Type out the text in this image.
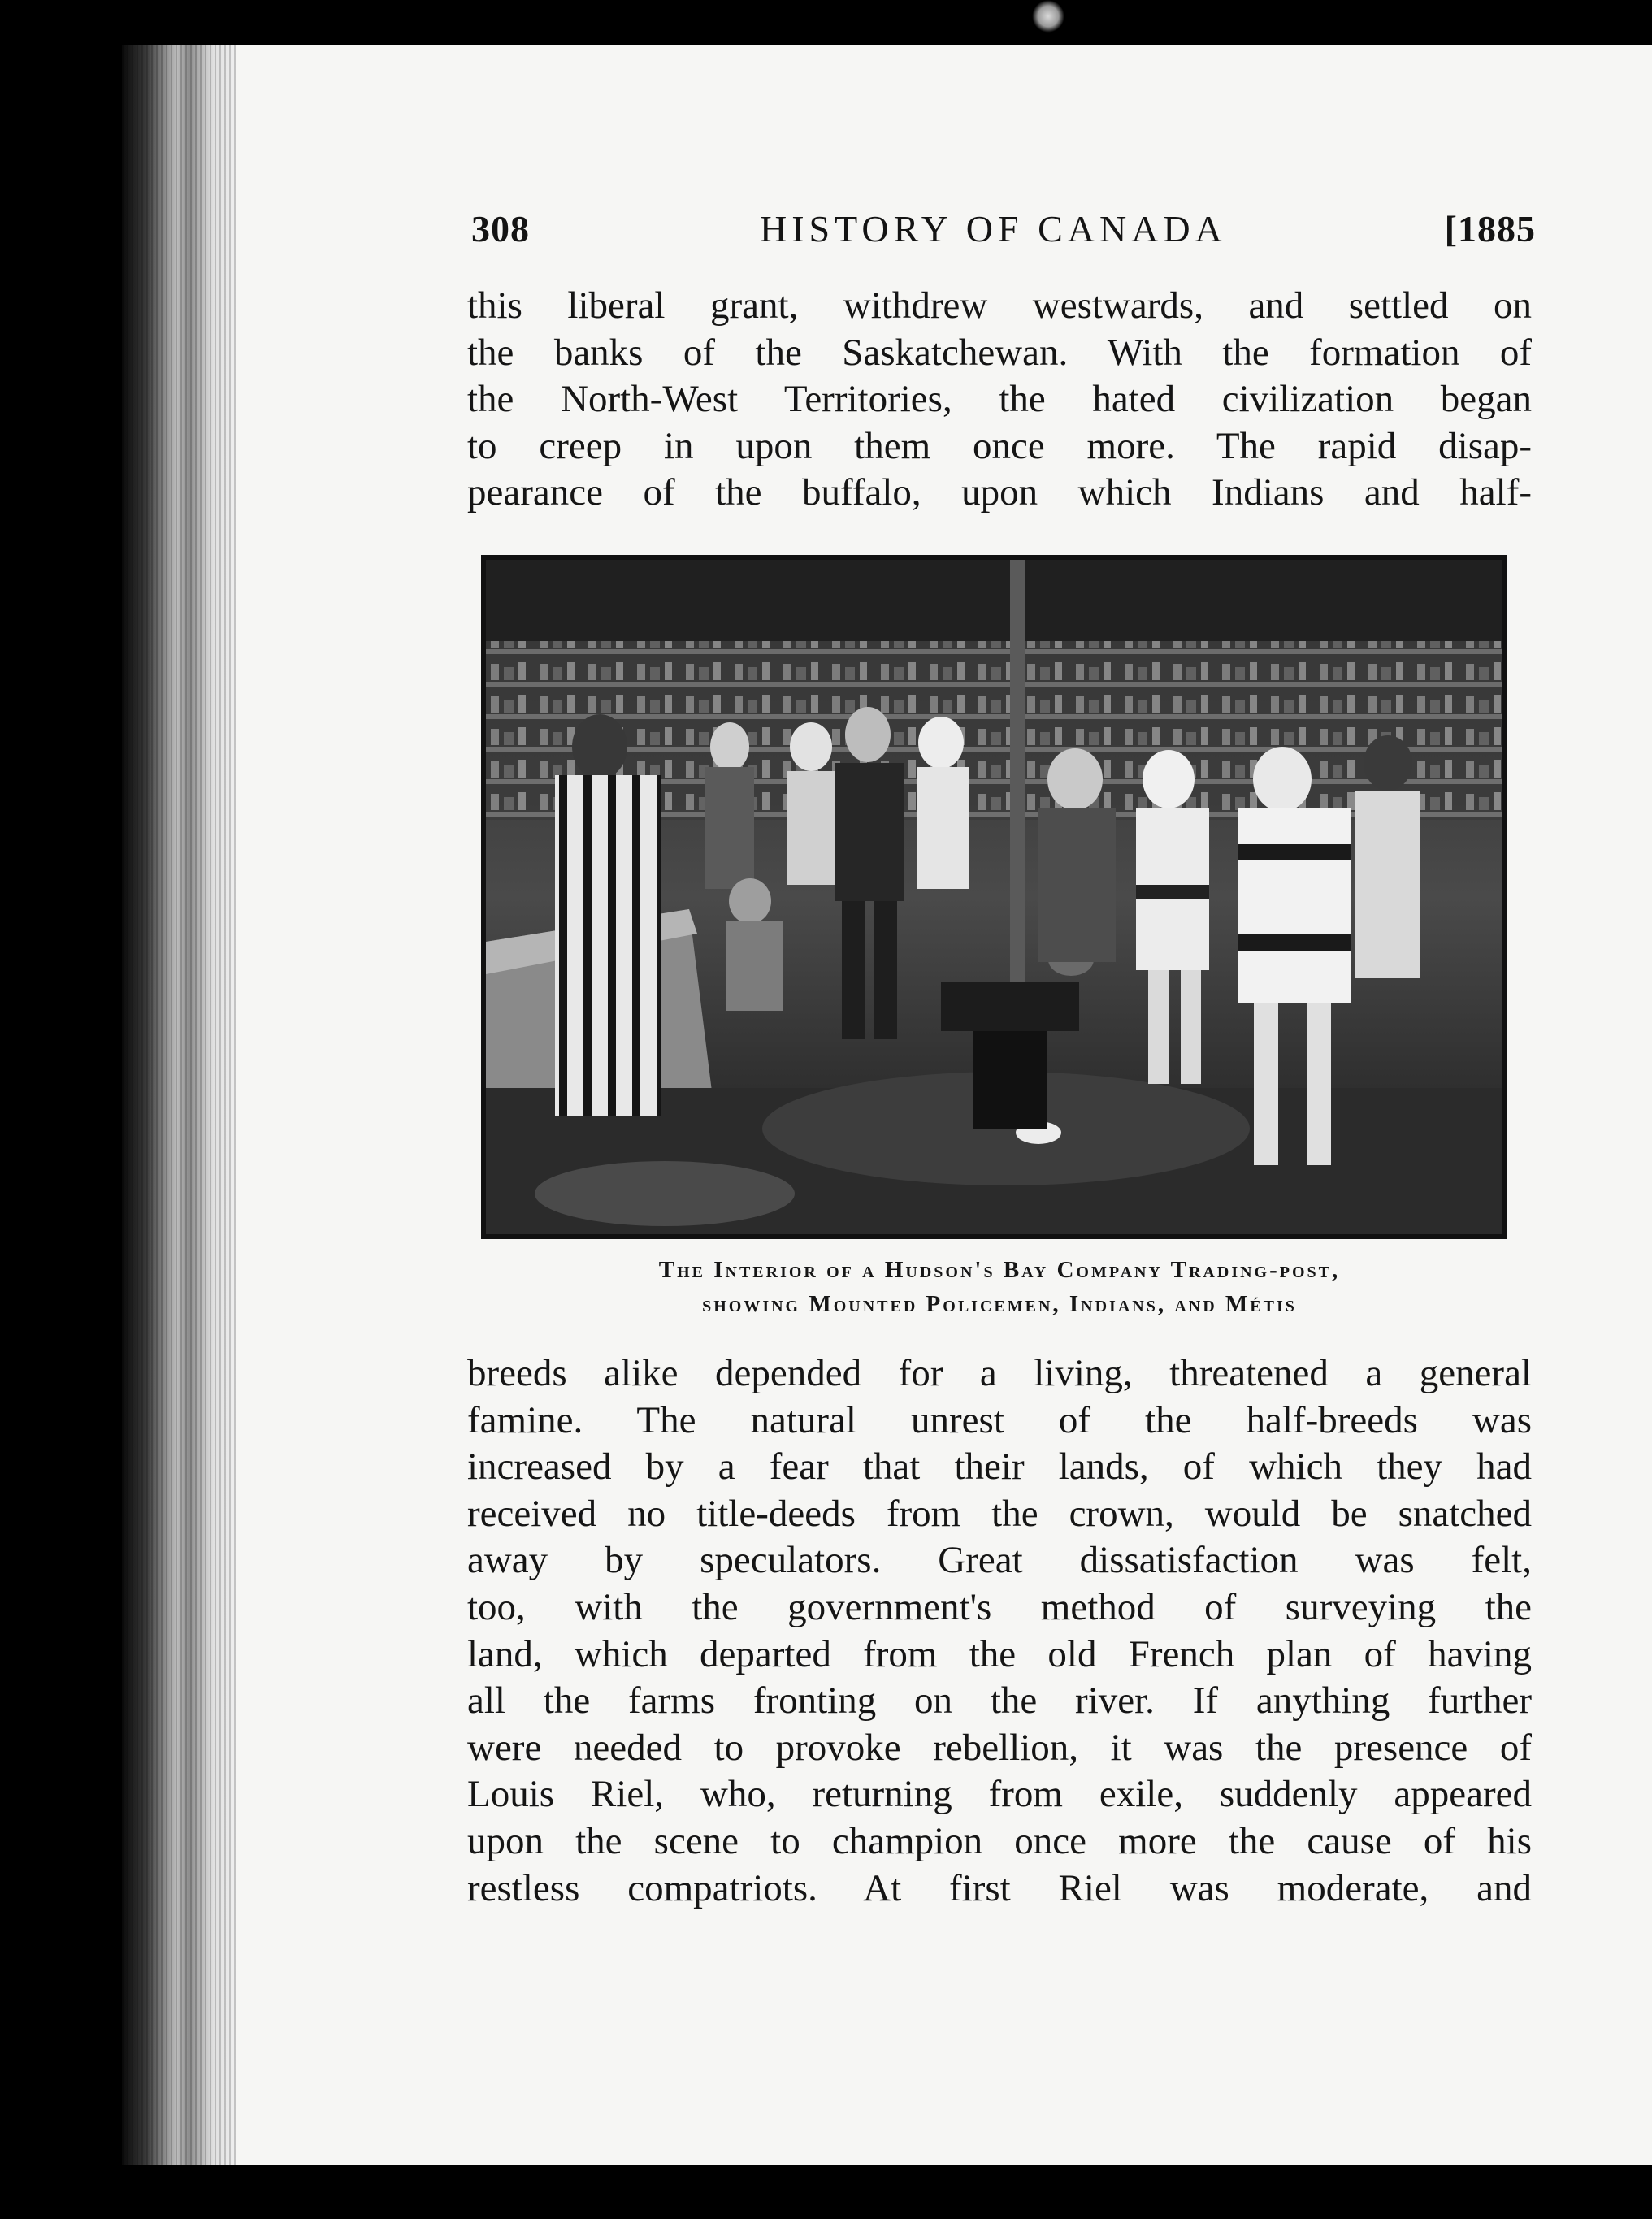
308	HISTORY OF CANADA	[1885
this liberal grant, withdrew westwards, and settled on
the banks of the Saskatchewan. With the formation of
the North-West Territories, the hated civilization began
to creep in upon them once more. The rapid disap-
pearance of the buffalo, upon which Indians and half-
The Interior of a Hudson's Bay Company Trading-post,
showing Mounted Policemen, Indians, and Métis
breeds alike depended for a living, threatened a general
famine. The natural unrest of the half-breeds was
increased by a fear that their lands, of which they had
received no title-deeds from the crown, would be snatched
away by speculators. Great dissatisfaction was felt,
too, with the government's method of surveying the
land, which departed from the old French plan of having
all the farms fronting on the river. If anything further
were needed to provoke rebellion, it was the presence of
Louis Riel, who, returning from exile, suddenly appeared
upon the scene to champion once more the cause of his
restless compatriots. At first Riel was moderate, and
